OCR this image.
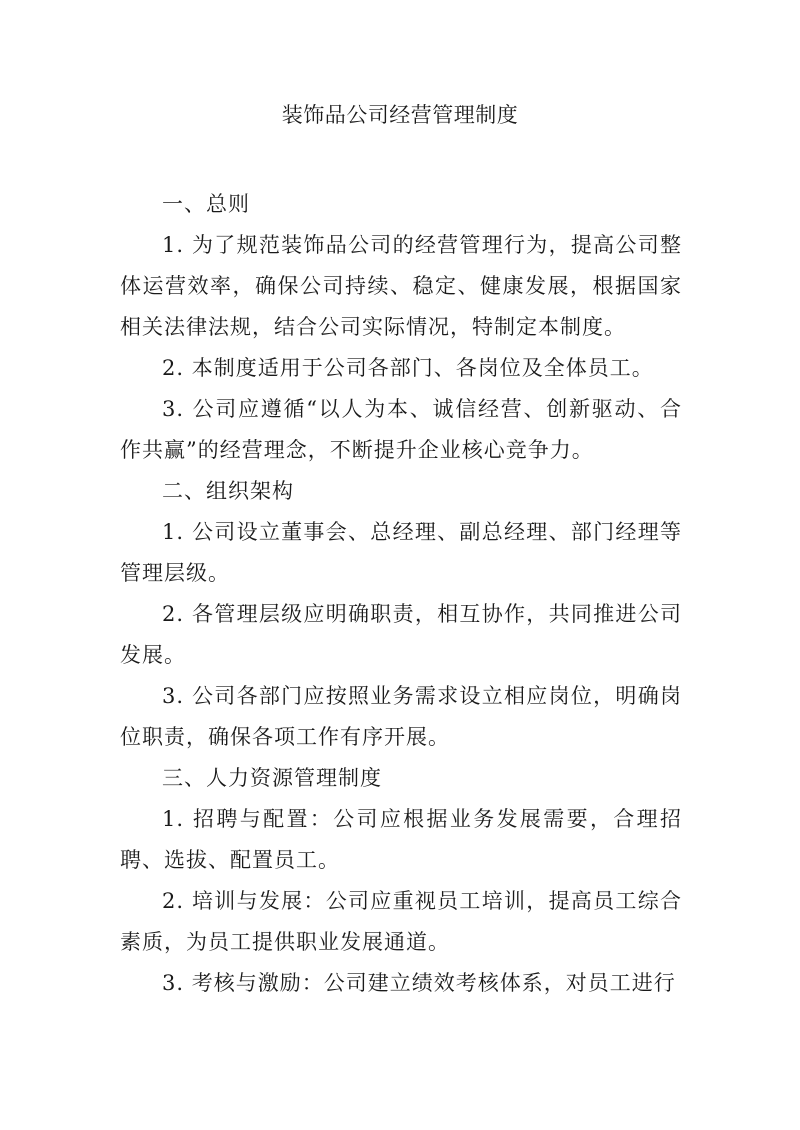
装饰品公司经营管理制度

一、总则

1. 为了规范装饰品公司的经营管理行为，提高公司整体运营效率，确保公司持续、稳定、健康发展，根据国家相关法律法规，结合公司实际情况，特制定本制度。

2. 本制度适用于公司各部门、各岗位及全体员工。

3. 公司应遵循“以人为本、诚信经营、创新驱动、合作共赢”的经营理念，不断提升企业核心竞争力。

二、组织架构

1. 公司设立董事会、总经理、副总经理、部门经理等管理层级。

2. 各管理层级应明确职责，相互协作，共同推进公司发展。

3. 公司各部门应按照业务需求设立相应岗位，明确岗位职责，确保各项工作有序开展。

三、人力资源管理制度

1. 招聘与配置：公司应根据业务发展需要，合理招聘、选拔、配置员工。

2. 培训与发展：公司应重视员工培训，提高员工综合素质，为员工提供职业发展通道。

3. 考核与激励：公司建立绩效考核体系，对员工进行
